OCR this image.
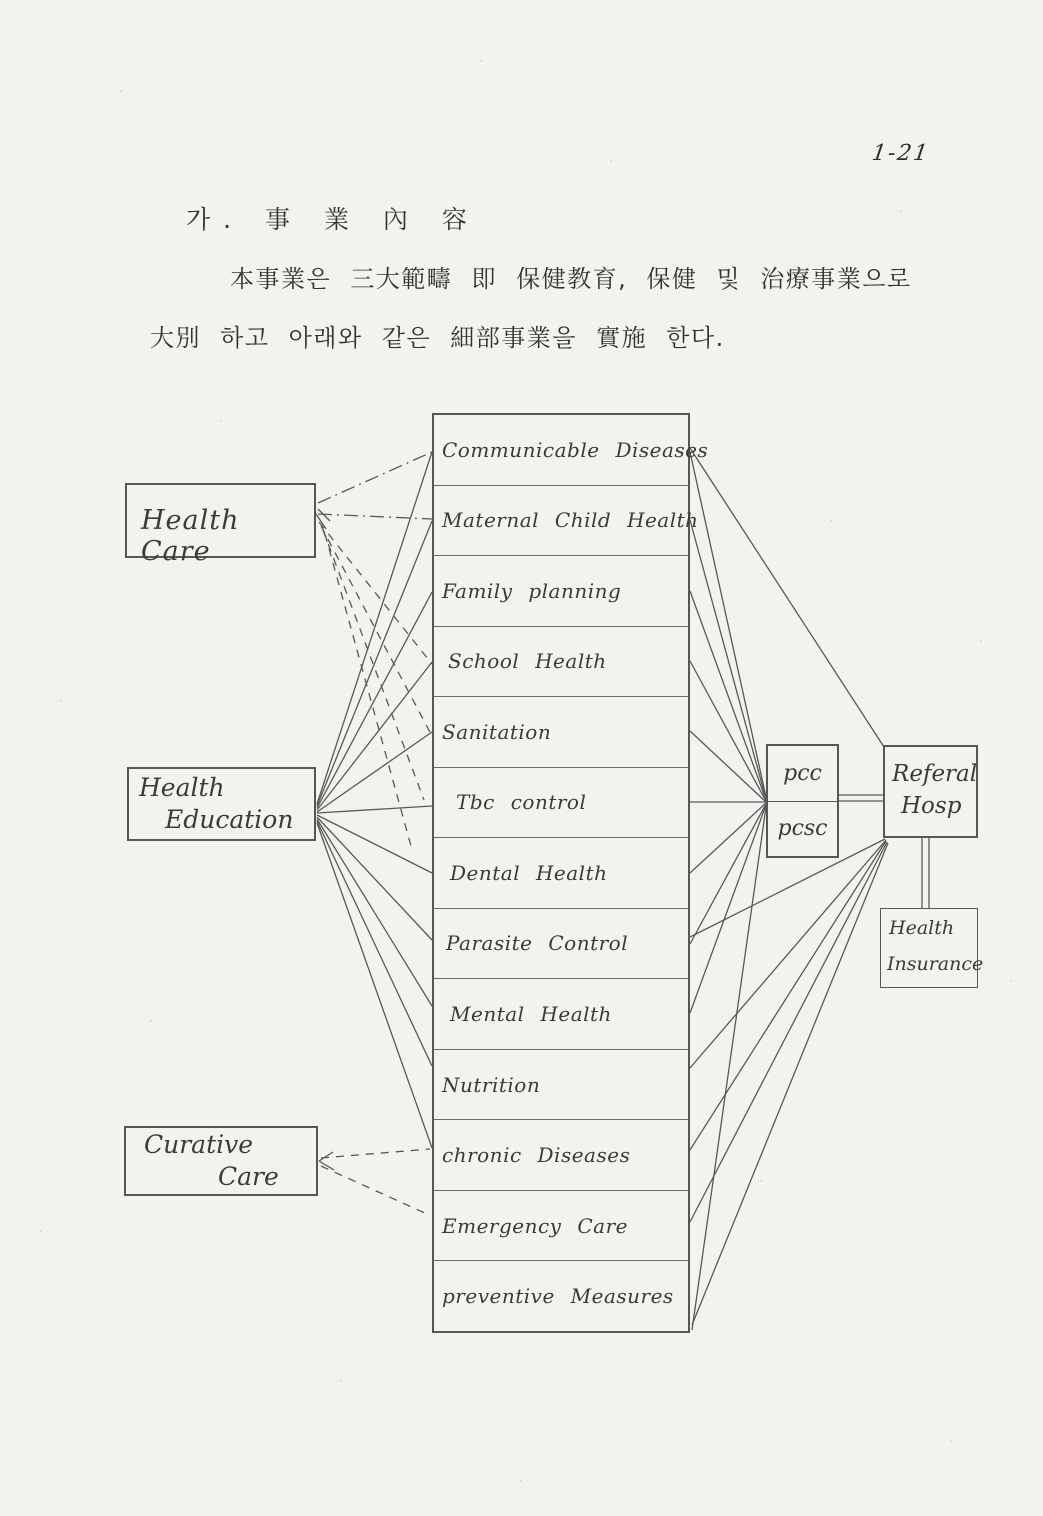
1-21
가. 事 業 內 容
本事業은 三大範疇 即 保健教育, 保健 및 治療事業으로
大別 하고 아래와 같은 細部事業을 實施 한다.
Health Care
Health
Education
Curative
Care
Communicable Diseases
Maternal Child Health
Family planning
School Health
Sanitation
Tbc control
Dental Health
Parasite Control
Mental Health
Nutrition
chronic Diseases
Emergency Care
preventive Measures
pcc
pcsc
Referal
Hosp
Health
Insurance
